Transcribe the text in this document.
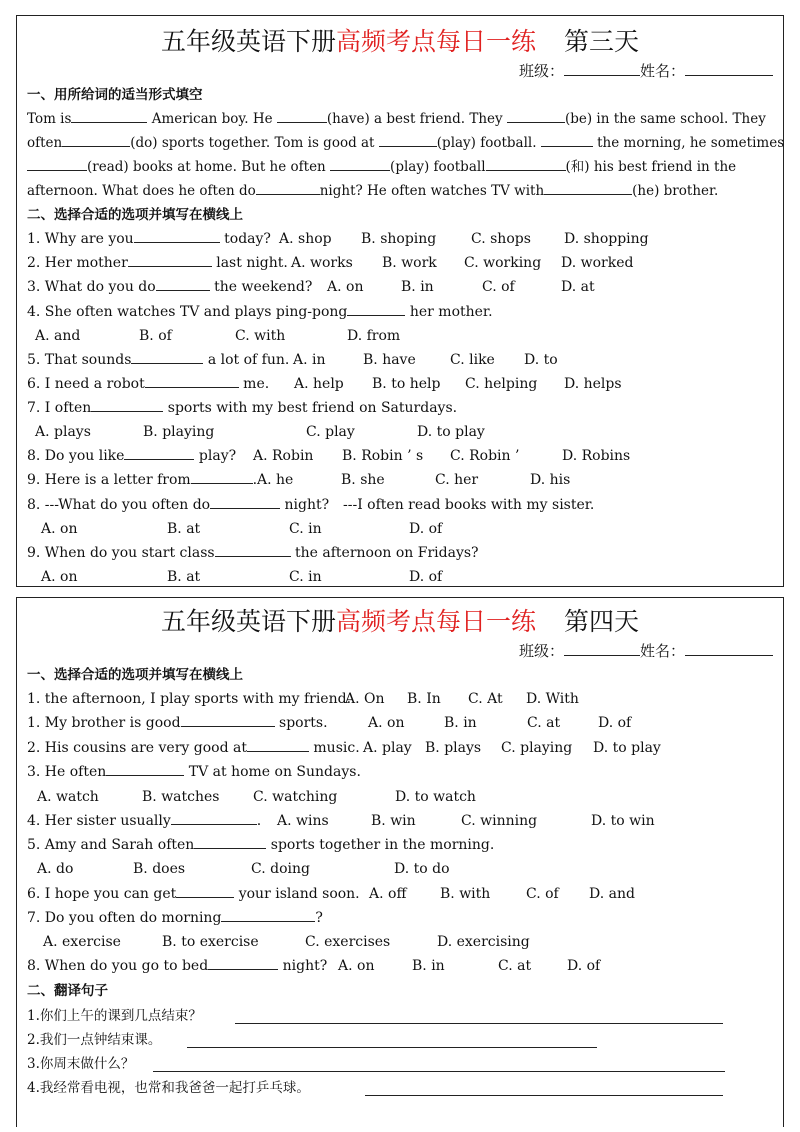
五年级英语下册高频考点每日一练 第三天
班级：	姓名：
一、用所给词的适当形式填空
Tom is	American boy. He	(have) a best friend. They	(be) in the same school. They
often	(do) sports together. Tom is good at	(play) football.	the morning, he sometimes
(read) books at home. But he often	(play) football	(和) his best friend in the
afternoon. What does he often do	night? He often watches TV with	(he) brother.
二、选择合适的选项并填写在横线上
1. Why are you	today? A. shop B. shoping C. shops D. shopping
2. Her mother	last night. A. works B. work C. working D. worked
3. What do you do	the weekend? A. on	B. in	C. of	D. at
4. She often watches TV and plays ping-pong	her mother.
A. and	B. of	C. with	D. from
5. That sounds	a lot of fun. A. in	B. have C. like D. to
6. I need a robot	me. A. help B. to help C. helping D. helps
7. I often	sports with my best friend on Saturdays.
A. plays	B. playing	C. play	D. to play
8. Do you like	play? A. Robin B. Robin ’ s C. Robin ’	D. Robins
9. Here is a letter from	. A. he	B. she	C. her	D. his
8. ---What do you often do	night? ---I often read books with my sister.
A. on	B. at	C. in	D. of
9. When do you start class	the afternoon on Fridays?
A. on	B. at	C. in	D. of
五年级英语下册高频考点每日一练 第四天
班级：	姓名：
一、选择合适的选项并填写在横线上
1. the afternoon, I play sports with my friend.
A. On B. In C. At D. With
1. My brother is good	sports.	A. on	B. in	C. at	D. of
2. His cousins are very good at	music. A. play B. plays C. playing D. to play
3. He often	TV at home on Sundays.
A. watch	B. watches C. watching	D. to watch
4. Her sister usually	. A. wins	B. win	C. winning	D. to win
5. Amy and Sarah often	sports together in the morning.
A. do	B. does	C. doing	D. to do
6. I hope you can get	your island soon. A. off B. with	C. of D. and
7. Do you often do morning	?
A. exercise	B. to exercise	C. exercises	D. exercising
8. When do you go to bed	night? A. on	B. in	C. at	D. of
二、翻译句子
1.你们上午的课到几点结束？
2.我们一点钟结束课。
3.你周末做什么？
4.我经常看电视，也常和我爸爸一起打乒乓球。
